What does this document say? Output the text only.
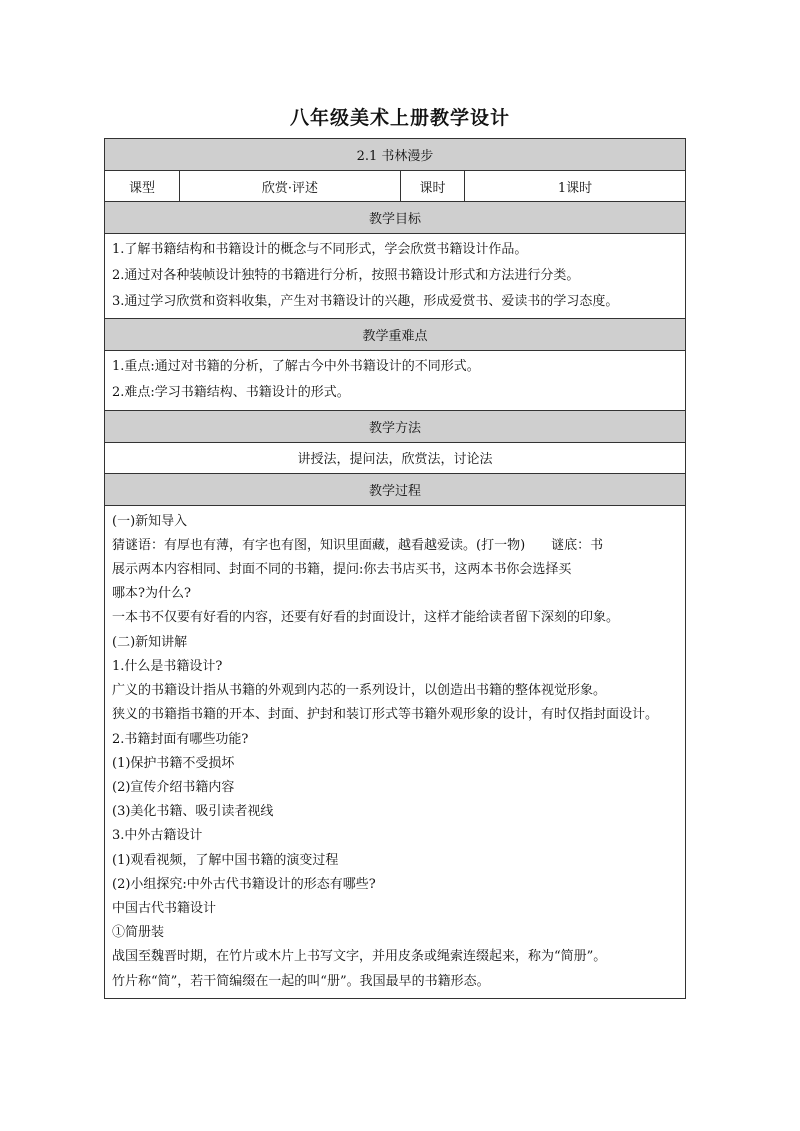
八年级美术上册教学设计
2.1 书林漫步
课型	欣赏·评述	课时	1课时
教学目标

1.了解书籍结构和书籍设计的概念与不同形式，学会欣赏书籍设计作品。
2.通过对各种装帧设计独特的书籍进行分析，按照书籍设计形式和方法进行分类。
3.通过学习欣赏和资料收集，产生对书籍设计的兴趣，形成爱赏书、爱读书的学习态度。

教学重难点

1.重点:通过对书籍的分析，了解古今中外书籍设计的不同形式。
2.难点:学习书籍结构、书籍设计的形式。

教学方法
讲授法，提问法，欣赏法，讨论法
教学过程

(一)新知导入
猜谜语：有厚也有薄，有字也有图，知识里面藏，越看越爱读。(打一物)　　谜底：书
展示两本内容相同、封面不同的书籍，提问:你去书店买书，这两本书你会选择买
哪本?为什么?
一本书不仅要有好看的内容，还要有好看的封面设计，这样才能给读者留下深刻的印象。
(二)新知讲解
1.什么是书籍设计?
广义的书籍设计指从书籍的外观到内芯的一系列设计，以创造出书籍的整体视觉形象。
狭义的书籍指书籍的开本、封面、护封和装订形式等书籍外观形象的设计，有时仅指封面设计。
2.书籍封面有哪些功能?
(1)保护书籍不受损坏
(2)宣传介绍书籍内容
(3)美化书籍、吸引读者视线
3.中外古籍设计
(1)观看视频，了解中国书籍的演变过程
(2)小组探究:中外古代书籍设计的形态有哪些?
中国古代书籍设计
①简册装
战国至魏晋时期，在竹片或木片上书写文字，并用皮条或绳索连缀起来，称为“简册”。
竹片称“简”，若干简编缀在一起的叫“册”。我国最早的书籍形态。
